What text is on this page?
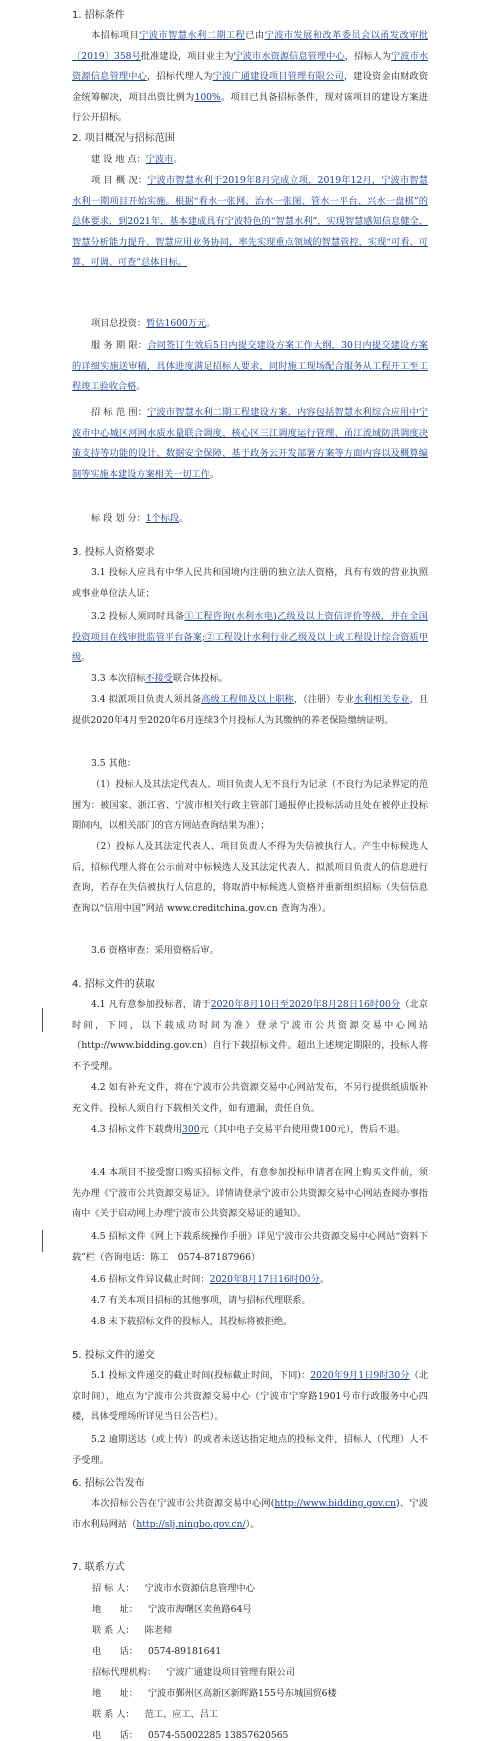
1. 招标条件

本招标项目宁波市智慧水利二期工程已由宁波市发展和改革委员会以甬发改审批〔2019〕358号批准建设，项目业主为宁波市水资源信息管理中心，招标人为宁波市水资源信息管理中心，招标代理人为宁波广通建设项目管理有限公司，建设资金由财政资金统筹解决，项目出资比例为100%。项目已具备招标条件，现对该项目的建设方案进行公开招标。

2. 项目概况与招标范围

建 设 地 点：宁波市。

项 目 概 况：宁波市智慧水利于2019年8月完成立项，2019年12月，宁波市智慧水利一期项目开始实施。根据“看水一张网、治水一张图、管水一平台、兴水一盘棋”的总体要求，到2021年，基本建成具有宁波特色的“智慧水利”，实现智慧感知信息健全、智慧分析能力提升、智慧应用业务协同，率先实现重点领域的智慧管控，实现“可看、可算、可调、可查”总体目标。

项目总投资：暂估1600万元。

服 务 期 限：合同签订生效后5日内提交建设方案工作大纲，30日内提交建设方案的详细实施送审稿，具体进度满足招标人要求，同时施工现场配合服务从工程开工至工程竣工验收合格。

招 标 范 围：宁波市智慧水利二期工程建设方案，内容包括智慧水利综合应用中宁波市中心城区河网水质水量联合调度、核心区三江调度运行管理、甬江流域防洪调度决策支持等功能的设计、数据安全保障、基于政务云开发部署方案等方面内容以及概算编制等实施本建设方案相关一切工作。

标 段 划 分：1个标段。

3. 投标人资格要求

3.1 投标人应具有中华人民共和国境内注册的独立法人资格，具有有效的营业执照或事业单位法人证；

3.2 投标人须同时具备①工程咨询(水利水电)乙级及以上资信评价等级，并在全国投资项目在线审批监管平台备案;②工程设计水利行业乙级及以上或工程设计综合资质甲级。

3.3 本次招标不接受联合体投标。

3.4 拟派项目负责人须具备高级工程师及以上职称，（注册）专业水利相关专业，且提供2020年4月至2020年6月连续3个月投标人为其缴纳的养老保险缴纳证明。

3.5 其他：

（1）投标人及其法定代表人、项目负责人无不良行为记录（不良行为记录界定的范围为：被国家、浙江省、宁波市相关行政主管部门通报停止投标活动且处在被停止投标期间内，以相关部门的官方网站查询结果为准）；

（2）投标人及其法定代表人、项目负责人不得为失信被执行人。产生中标候选人后，招标代理人将在公示前对中标候选人及其法定代表人、拟派项目负责人的信息进行查询，若存在失信被执行人信息的，将取消中标候选人资格并重新组织招标（失信信息查询以“信用中国”网站 www.creditchina.gov.cn 查询为准）。

3.6 资格审查：采用资格后审。

4. 招标文件的获取

4.1 凡有意参加投标者，请于2020年8月10日至2020年8月28日16时00分（北京时间，下同，以下载成功时间为准）登录宁波市公共资源交易中心网站（http://www.bidding.gov.cn）自行下载招标文件。超出上述规定期限的，投标人将不予受理。

4.2 如有补充文件，将在宁波市公共资源交易中心网站发布，不另行提供纸质版补充文件。投标人须自行下载相关文件，如有遗漏，责任自负。

4.3 招标文件下载费用300元（其中电子交易平台使用费100元），售后不退。

4.4 本项目不接受窗口购买招标文件，有意参加投标申请者在网上购买文件前，须先办理《宁波市公共资源交易证》。详情请登录宁波市公共资源交易中心网站查阅办事指南中《关于启动网上办理宁波市公共资源交易证的通知》。

4.5 招标文件《网上下载系统操作手册》详见宁波市公共资源交易中心网站“资料下载”栏（咨询电话：陈工　0574-87187966）

4.6 招标文件异议截止时间：2020年8月17日16时00分。

4.7 有关本项目招标的其他事项，请与招标代理联系。

4.8 未下载招标文件的投标人，其投标将被拒绝。

5. 投标文件的递交

5.1 投标文件递交的截止时间(投标截止时间，下同)：2020年9月1日9时30分（北京时间），地点为宁波市公共资源交易中心（宁波市宁穿路1901号市行政服务中心四楼，具体受理场所详见当日公告栏）。

5.2 逾期送达（或上传）的或者未送达指定地点的投标文件，招标人（代理）人不予受理。

6. 招标公告发布

本次招标公告在宁波市公共资源交易中心网(http://www.bidding.gov.cn)、宁波市水利局网站（http://slj.ningbo.gov.cn/）。

7. 联系方式
招 标 人： 宁波市水资源信息管理中心
地　　址： 宁波市海曙区卖鱼路64号
联 系 人： 陈老师
电　　话： 0574-89181641
招标代理机构： 宁波广通建设项目管理有限公司
地　　址： 宁波市鄞州区高新区新晖路155号东城国贸6楼
联 系 人： 范工、应工、吕工
电　　话： 0574-55002285 13857620565
